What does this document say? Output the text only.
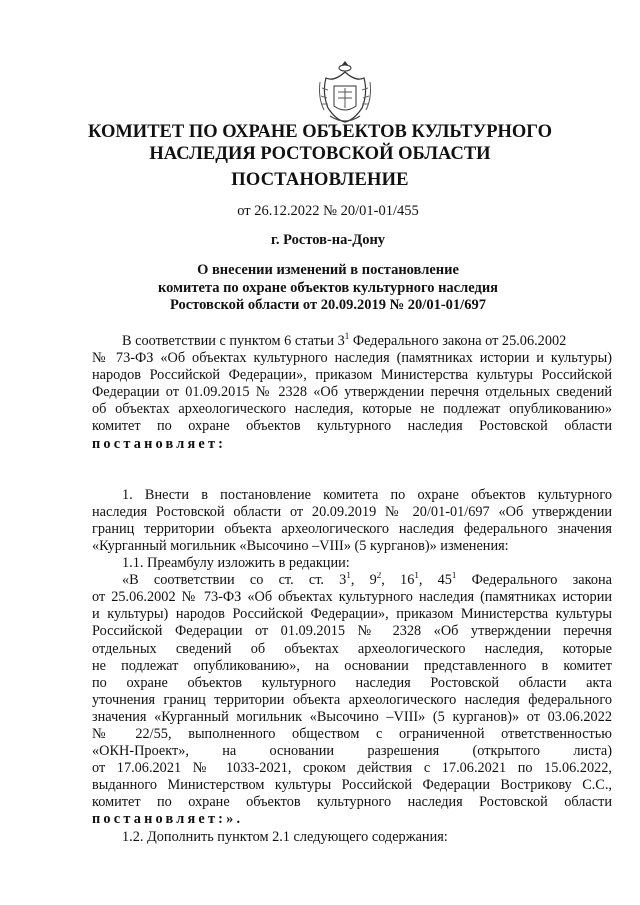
КОМИТЕТ ПО ОХРАНЕ ОБЪЕКТОВ КУЛЬТУРНОГО
НАСЛЕДИЯ РОСТОВСКОЙ ОБЛАСТИ
ПОСТАНОВЛЕНИЕ
от 26.12.2022 № 20/01-01/455
г. Ростов-на-Дону
О внесении изменений в постановление
комитета по охране объектов культурного наследия
Ростовской области от 20.09.2019 № 20/01-01/697
В соответствии с пунктом 6 статьи $3^1$ Федерального закона от 25.06.2002
№ 73-ФЗ «Об объектах культурного наследия (памятниках истории и культуры)
народов Российской Федерации», приказом Министерства культуры Российской
Федерации от 01.09.2015 № 2328 «Об утверждении перечня отдельных сведений
об объектах археологического наследия, которые не подлежат опубликованию»
комитет по охране объектов культурного наследия Ростовской области
постановляет:
1. Внести в постановление комитета по охране объектов культурного
наследия Ростовской области от 20.09.2019 № 20/01-01/697 «Об утверждении
границ территории объекта археологического наследия федерального значения
«Курганный могильник «Высочино –VIII» (5 курганов)» изменения:
1.1. Преамбулу изложить в редакции:
«В соответствии со ст. ст. $3^1$, $9^2$, $16^1$, $45^1$ Федерального закона
от 25.06.2002 № 73-ФЗ «Об объектах культурного наследия (памятниках истории
и культуры) народов Российской Федерации», приказом Министерства культуры
Российской Федерации от 01.09.2015 № 2328 «Об утверждении перечня
отдельных сведений об объектах археологического наследия, которые
не подлежат опубликованию», на основании представленного в комитет
по охране объектов культурного наследия Ростовской области акта
уточнения границ территории объекта археологического наследия федерального
значения «Курганный могильник «Высочино –VIII» (5 курганов)» от 03.06.2022
№ 22/55, выполненного обществом с ограниченной ответственностью
«ОКН-Проект», на основании разрешения (открытого листа)
от 17.06.2021 № 1033-2021, сроком действия с 17.06.2021 по 15.06.2022,
выданного Министерством культуры Российской Федерации Вострикову С.С.,
комитет по охране объектов культурного наследия Ростовской области
постановляет:».
1.2. Дополнить пунктом 2.1 следующего содержания:
